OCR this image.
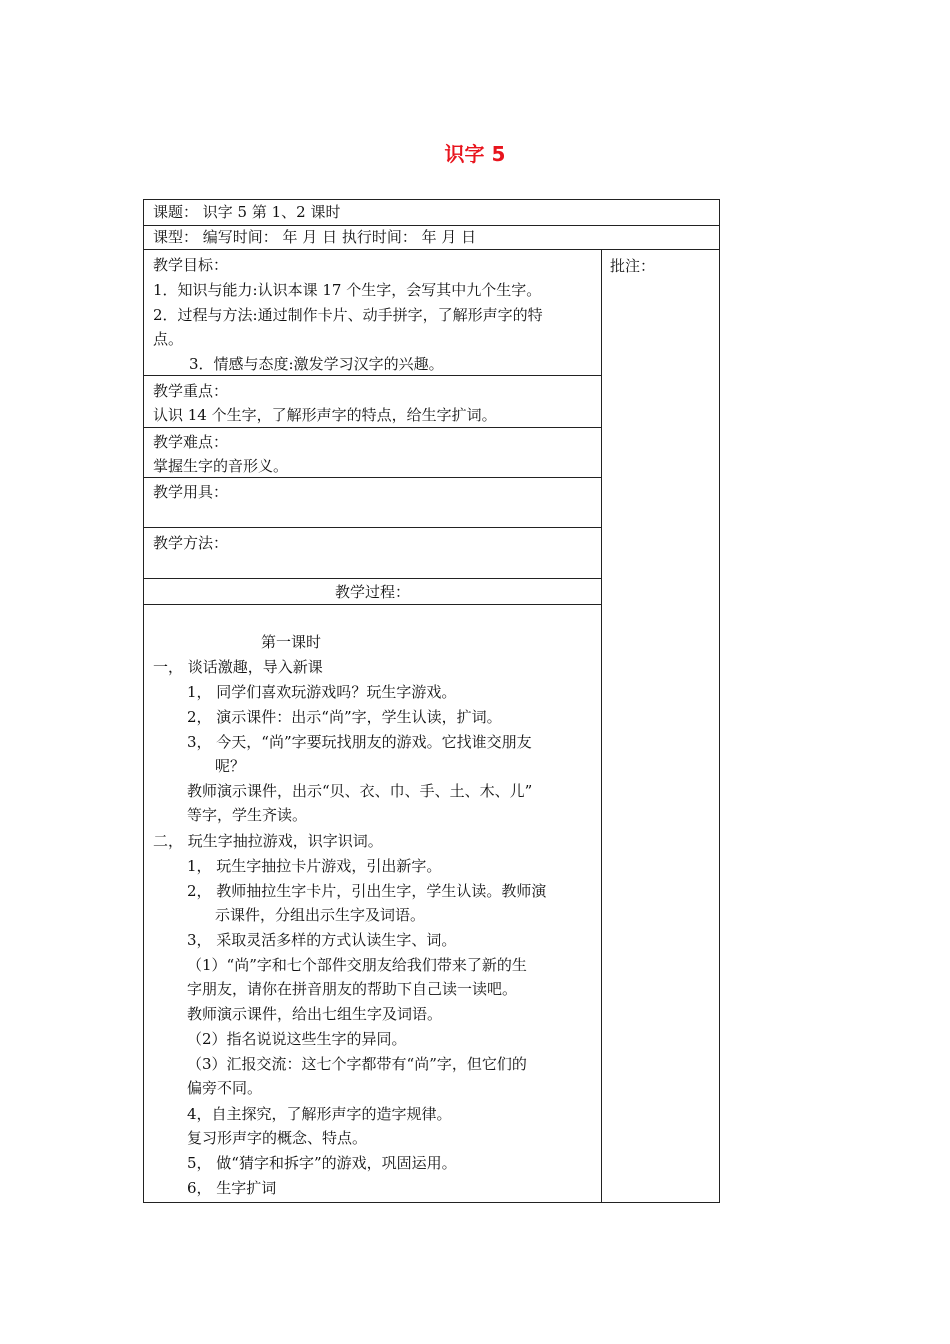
识字 5
课题： 识字 5 第 1、2 课时
课型： 编写时间： 年 月 日 执行时间： 年 月 日
批注：
教学目标：
1．知识与能力:认识本课 17 个生字，会写其中九个生字。
2．过程与方法:通过制作卡片、动手拼字，了解形声字的特
点。
3．情感与态度:激发学习汉字的兴趣。
教学重点：
认识 14 个生字，了解形声字的特点，给生字扩词。
教学难点：
掌握生字的音形义。
教学用具：
教学方法：
教学过程：
第一课时
一， 谈话激趣，导入新课
1， 同学们喜欢玩游戏吗？玩生字游戏。
2， 演示课件：出示“尚”字，学生认读，扩词。
3， 今天，“尚”字要玩找朋友的游戏。它找谁交朋友
呢？
教师演示课件，出示“贝、衣、巾、手、土、木、儿”
等字，学生齐读。
二， 玩生字抽拉游戏，识字识词。
1， 玩生字抽拉卡片游戏，引出新字。
2， 教师抽拉生字卡片，引出生字，学生认读。教师演
示课件，分组出示生字及词语。
3， 采取灵活多样的方式认读生字、词。
（1）“尚”字和七个部件交朋友给我们带来了新的生
字朋友，请你在拼音朋友的帮助下自己读一读吧。
教师演示课件，给出七组生字及词语。
（2）指名说说这些生字的异同。
（3）汇报交流：这七个字都带有“尚”字，但它们的
偏旁不同。
4，自主探究，了解形声字的造字规律。
复习形声字的概念、特点。
5， 做“猜字和拆字”的游戏，巩固运用。
6， 生字扩词
